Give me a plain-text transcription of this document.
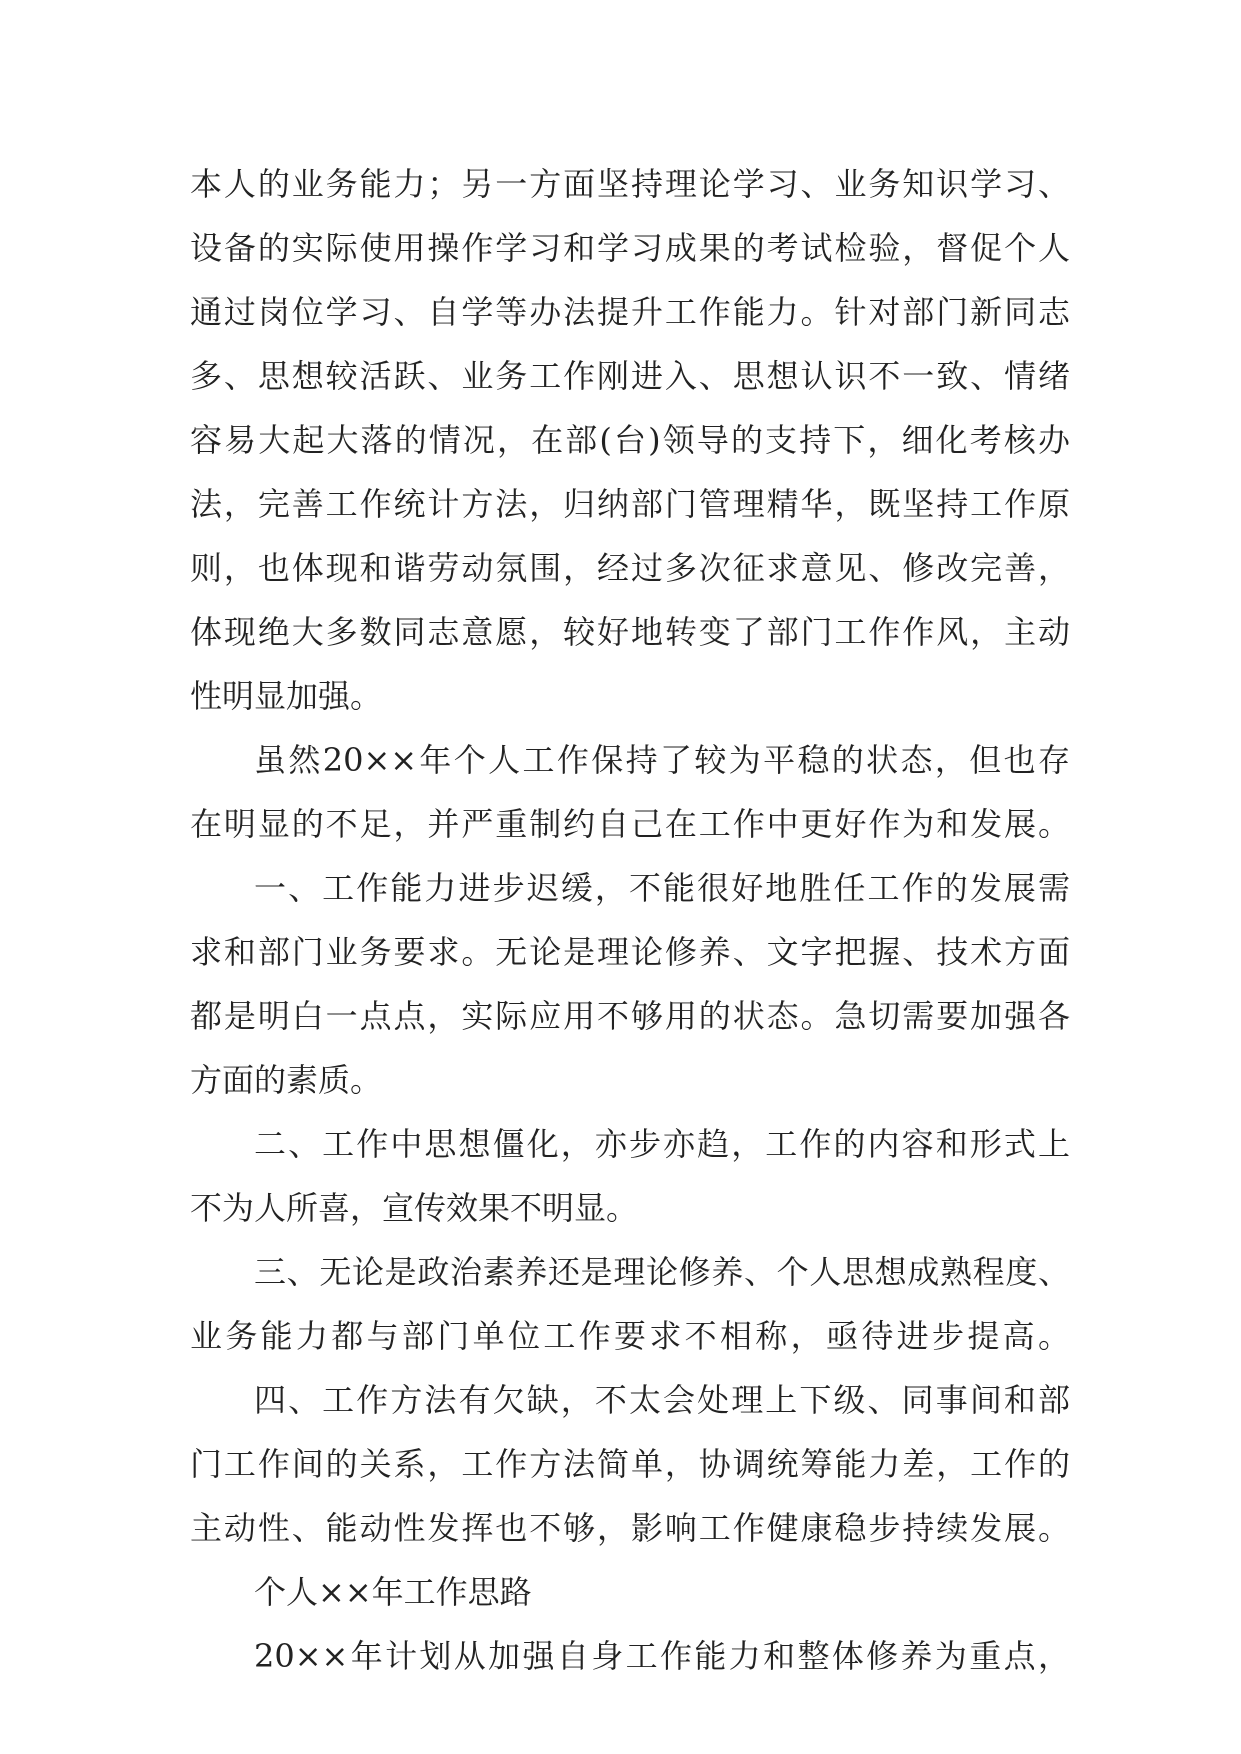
本人的业务能力；另一方面坚持理论学习、业务知识学习、
设备的实际使用操作学习和学习成果的考试检验，督促个人
通过岗位学习、自学等办法提升工作能力。针对部门新同志
多、思想较活跃、业务工作刚进入、思想认识不一致、情绪
容易大起大落的情况，在部(台)领导的支持下，细化考核办
法，完善工作统计方法，归纳部门管理精华，既坚持工作原
则，也体现和谐劳动氛围，经过多次征求意见、修改完善，
体现绝大多数同志意愿，较好地转变了部门工作作风，主动
性明显加强。
虽然20××年个人工作保持了较为平稳的状态，但也存
在明显的不足，并严重制约自己在工作中更好作为和发展。
一、工作能力进步迟缓，不能很好地胜任工作的发展需
求和部门业务要求。无论是理论修养、文字把握、技术方面
都是明白一点点，实际应用不够用的状态。急切需要加强各
方面的素质。
二、工作中思想僵化，亦步亦趋，工作的内容和形式上
不为人所喜，宣传效果不明显。
三、无论是政治素养还是理论修养、个人思想成熟程度、
业务能力都与部门单位工作要求不相称，亟待进步提高。
四、工作方法有欠缺，不太会处理上下级、同事间和部
门工作间的关系，工作方法简单，协调统筹能力差，工作的
主动性、能动性发挥也不够，影响工作健康稳步持续发展。
个人××年工作思路
20××年计划从加强自身工作能力和整体修养为重点，
